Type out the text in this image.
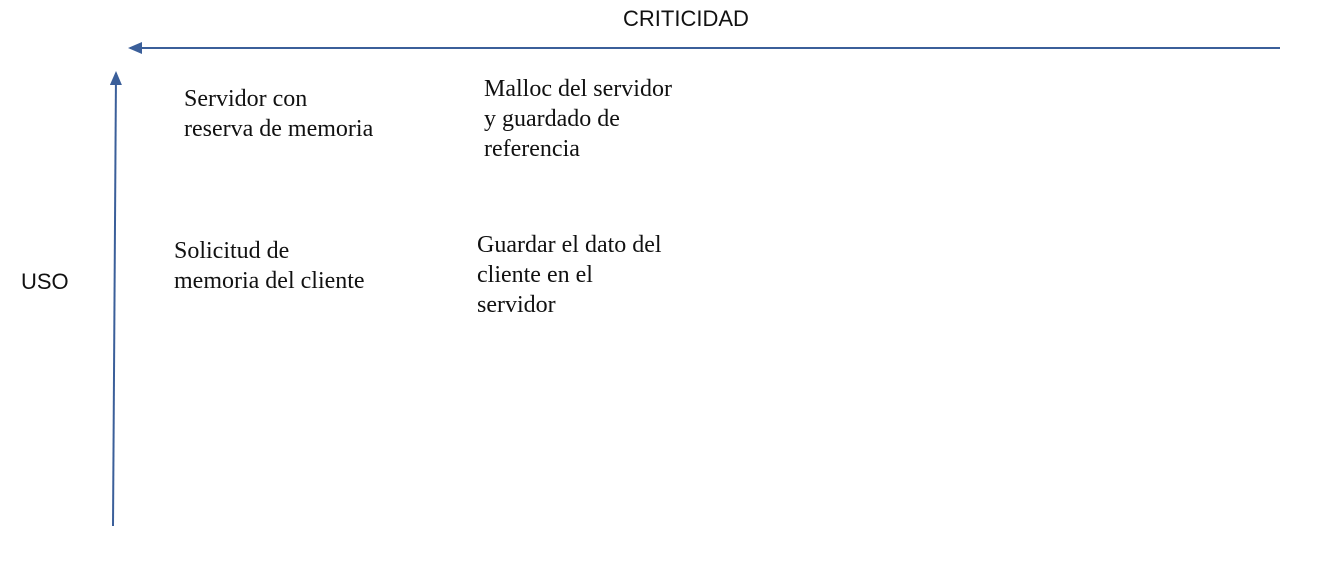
CRITICIDAD
USO
Servidor con
reserva de memoria
Malloc del servidor
y guardado de
referencia
Solicitud de
memoria del cliente
Guardar el dato del
cliente en el
servidor
